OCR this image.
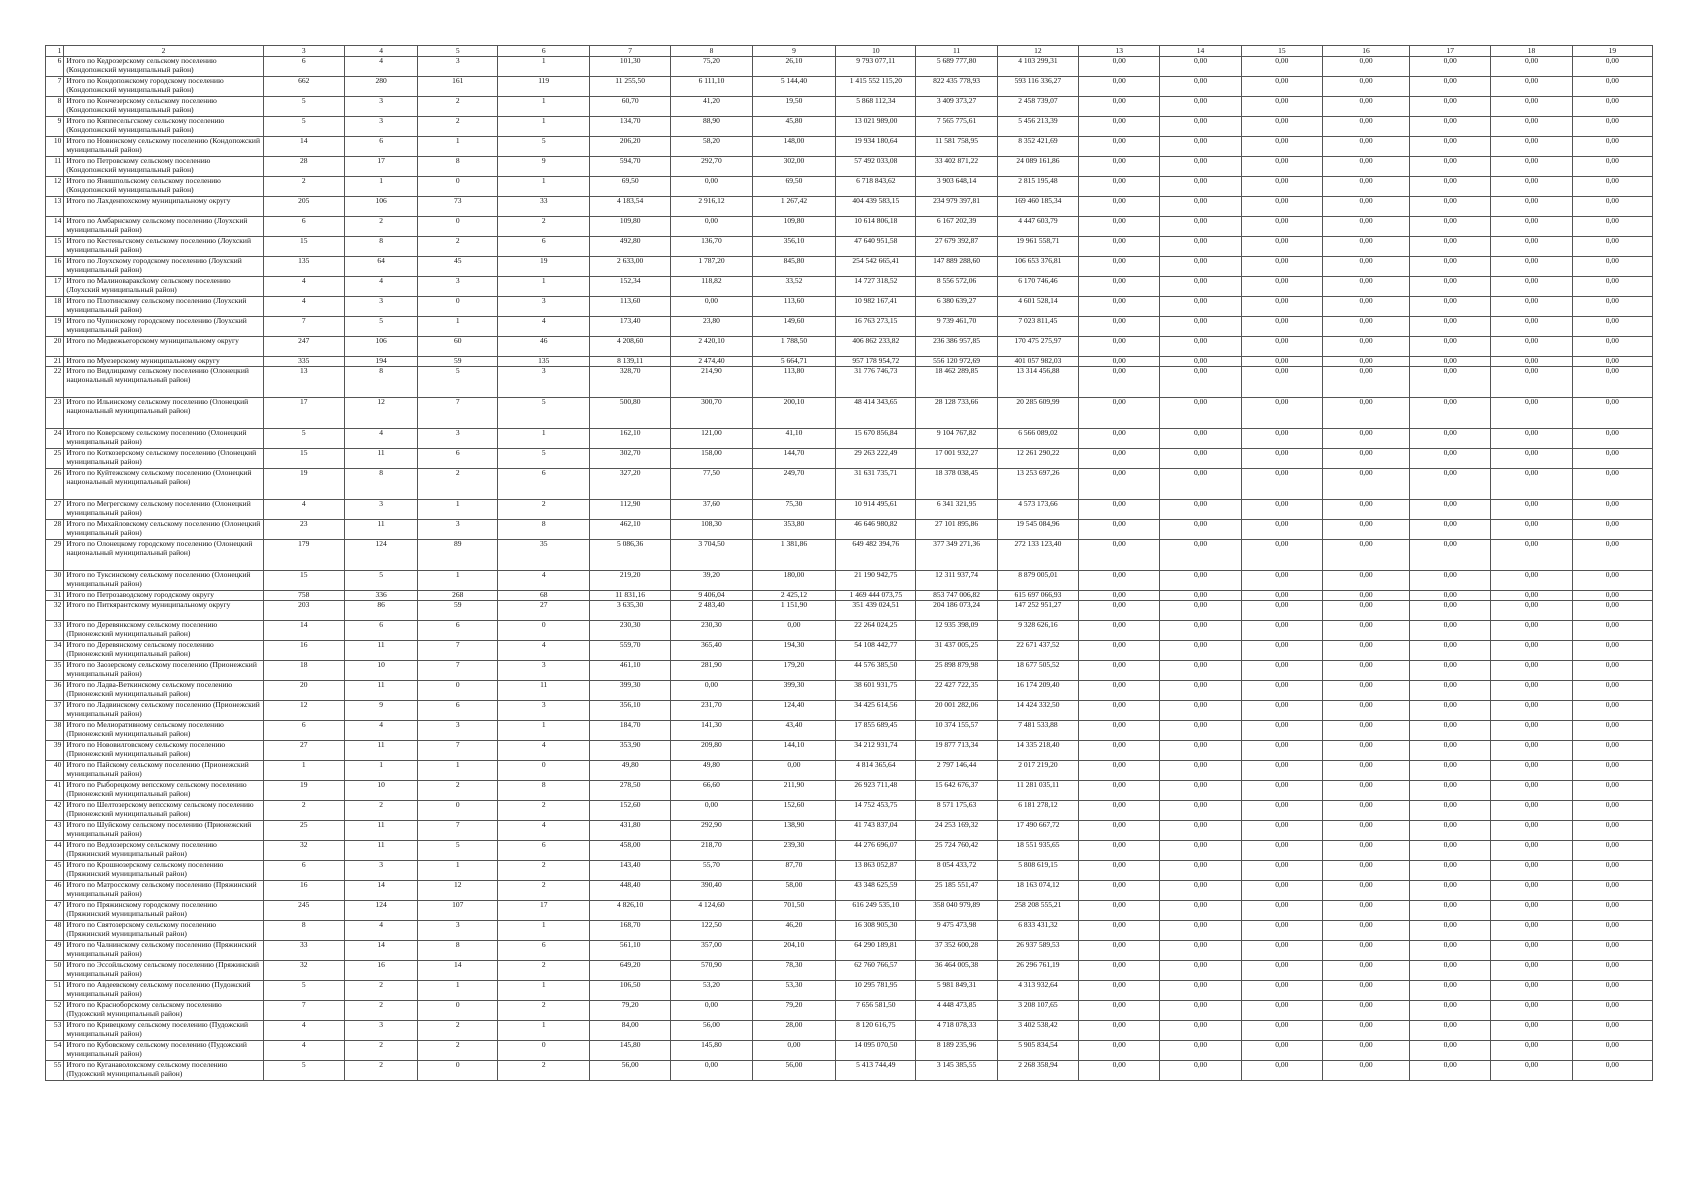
1	2	3	4	5	6	7	8	9	10	11	12	13	14	15	16	17	18	19
6	Итого по Кедрозерскому сельскому поселению (Кондопожский муниципальный район)	6	4	3	1	101,30	75,20	26,10	9 793 077,11	5 689 777,80	4 103 299,31	0,00	0,00	0,00	0,00	0,00	0,00	0,00
7	Итого по Кондопожскому городскому поселению (Кондопожский муниципальный район)	662	280	161	119	11 255,50	6 111,10	5 144,40	1 415 552 115,20	822 435 778,93	593 116 336,27	0,00	0,00	0,00	0,00	0,00	0,00	0,00
8	Итого по Кончезерскому сельскому поселению (Кондопожский муниципальный район)	5	3	2	1	60,70	41,20	19,50	5 868 112,34	3 409 373,27	2 458 739,07	0,00	0,00	0,00	0,00	0,00	0,00	0,00
9	Итого по Кяппесельгскому сельскому поселению (Кондопожский муниципальный район)	5	3	2	1	134,70	88,90	45,80	13 021 989,00	7 565 775,61	5 456 213,39	0,00	0,00	0,00	0,00	0,00	0,00	0,00
10	Итого по Новинскому сельскому поселению (Кондопожский муниципальный район)	14	6	1	5	206,20	58,20	148,00	19 934 180,64	11 581 758,95	8 352 421,69	0,00	0,00	0,00	0,00	0,00	0,00	0,00
11	Итого по Петровскому сельскому поселению (Кондопожский муниципальный район)	28	17	8	9	594,70	292,70	302,00	57 492 033,08	33 402 871,22	24 089 161,86	0,00	0,00	0,00	0,00	0,00	0,00	0,00
12	Итого по Янишпольскому сельскому поселению (Кондопожский муниципальный район)	2	1	0	1	69,50	0,00	69,50	6 718 843,62	3 903 648,14	2 815 195,48	0,00	0,00	0,00	0,00	0,00	0,00	0,00
13	Итого по Лахденпохскому муниципальному округу	205	106	73	33	4 183,54	2 916,12	1 267,42	404 439 583,15	234 979 397,81	169 460 185,34	0,00	0,00	0,00	0,00	0,00	0,00	0,00
14	Итого по Амбарнскому сельскому поселению (Лоухский муниципальный район)	6	2	0	2	109,80	0,00	109,80	10 614 806,18	6 167 202,39	4 447 603,79	0,00	0,00	0,00	0,00	0,00	0,00	0,00
15	Итого по Кестеньгскому сельскому поселению (Лоухский муниципальный район)	15	8	2	6	492,80	136,70	356,10	47 640 951,58	27 679 392,87	19 961 558,71	0,00	0,00	0,00	0,00	0,00	0,00	0,00
16	Итого по Лоухскому городскому поселению (Лоухский муниципальный район)	135	64	45	19	2 633,00	1 787,20	845,80	254 542 665,41	147 889 288,60	106 653 376,81	0,00	0,00	0,00	0,00	0,00	0,00	0,00
17	Итого по Малиновараксkому сельскому поселению (Лоухский муниципальный район)	4	4	3	1	152,34	118,82	33,52	14 727 318,52	8 556 572,06	6 170 746,46	0,00	0,00	0,00	0,00	0,00	0,00	0,00
18	Итого по Плотинскому сельскому поселению (Лоухский муниципальный район)	4	3	0	3	113,60	0,00	113,60	10 982 167,41	6 380 639,27	4 601 528,14	0,00	0,00	0,00	0,00	0,00	0,00	0,00
19	Итого по Чупинскому городскому поселению (Лоухский муниципальный район)	7	5	1	4	173,40	23,80	149,60	16 763 273,15	9 739 461,70	7 023 811,45	0,00	0,00	0,00	0,00	0,00	0,00	0,00
20	Итого по Медвежьегорскому муниципальному округу	247	106	60	46	4 208,60	2 420,10	1 788,50	406 862 233,82	236 386 957,85	170 475 275,97	0,00	0,00	0,00	0,00	0,00	0,00	0,00
21	Итого по Муезерскому муниципальному округу	335	194	59	135	8 139,11	2 474,40	5 664,71	957 178 954,72	556 120 972,69	401 057 982,03	0,00	0,00	0,00	0,00	0,00	0,00	0,00
22	Итого по Видлицкому сельскому поселению (Олонецкий национальный муниципальный район)	13	8	5	3	328,70	214,90	113,80	31 776 746,73	18 462 289,85	13 314 456,88	0,00	0,00	0,00	0,00	0,00	0,00	0,00
23	Итого по Ильинскому сельскому поселению (Олонецкий национальный муниципальный район)	17	12	7	5	500,80	300,70	200,10	48 414 343,65	28 128 733,66	20 285 609,99	0,00	0,00	0,00	0,00	0,00	0,00	0,00
24	Итого по Коверскому сельскому поселению (Олонецкий муниципальный район)	5	4	3	1	162,10	121,00	41,10	15 670 856,84	9 104 767,82	6 566 089,02	0,00	0,00	0,00	0,00	0,00	0,00	0,00
25	Итого по Коткозерскому сельскому поселению (Олонецкий муниципальный район)	15	11	6	5	302,70	158,00	144,70	29 263 222,49	17 001 932,27	12 261 290,22	0,00	0,00	0,00	0,00	0,00	0,00	0,00
26	Итого по Куйтежскому сельскому поселению (Олонецкий национальный муниципальный район)	19	8	2	6	327,20	77,50	249,70	31 631 735,71	18 378 038,45	13 253 697,26	0,00	0,00	0,00	0,00	0,00	0,00	0,00
27	Итого по Мегрегскому сельскому поселению (Олонецкий муниципальный район)	4	3	1	2	112,90	37,60	75,30	10 914 495,61	6 341 321,95	4 573 173,66	0,00	0,00	0,00	0,00	0,00	0,00	0,00
28	Итого по Михайловскому сельскому поселению (Олонецкий муниципальный район)	23	11	3	8	462,10	108,30	353,80	46 646 980,82	27 101 895,86	19 545 084,96	0,00	0,00	0,00	0,00	0,00	0,00	0,00
29	Итого по Олонецкому городскому поселению (Олонецкий национальный муниципальный район)	179	124	89	35	5 086,36	3 704,50	1 381,86	649 482 394,76	377 349 271,36	272 133 123,40	0,00	0,00	0,00	0,00	0,00	0,00	0,00
30	Итого по Туксинскому сельскому поселению (Олонецкий муниципальный район)	15	5	1	4	219,20	39,20	180,00	21 190 942,75	12 311 937,74	8 879 005,01	0,00	0,00	0,00	0,00	0,00	0,00	0,00
31	Итого по Петрозаводскому городскому округу	758	336	268	68	11 831,16	9 406,04	2 425,12	1 469 444 073,75	853 747 006,82	615 697 066,93	0,00	0,00	0,00	0,00	0,00	0,00	0,00
32	Итого по Питкярантскому муниципальному округу	203	86	59	27	3 635,30	2 483,40	1 151,90	351 439 024,51	204 186 073,24	147 252 951,27	0,00	0,00	0,00	0,00	0,00	0,00	0,00
33	Итого по Деревянкскому сельскому поселению (Прионежский муниципальный район)	14	6	6	0	230,30	230,30	0,00	22 264 024,25	12 935 398,09	9 328 626,16	0,00	0,00	0,00	0,00	0,00	0,00	0,00
34	Итого по Деревянскому сельскому поселению (Прионежский муниципальный район)	16	11	7	4	559,70	365,40	194,30	54 108 442,77	31 437 005,25	22 671 437,52	0,00	0,00	0,00	0,00	0,00	0,00	0,00
35	Итого по Заозерскому сельскому поселению (Прионежский муниципальный район)	18	10	7	3	461,10	281,90	179,20	44 576 385,50	25 898 879,98	18 677 505,52	0,00	0,00	0,00	0,00	0,00	0,00	0,00
36	Итого по Ладва-Веткинскому сельскому поселению (Прионежский муниципальный район)	20	11	0	11	399,30	0,00	399,30	38 601 931,75	22 427 722,35	16 174 209,40	0,00	0,00	0,00	0,00	0,00	0,00	0,00
37	Итого по Ладвинскому сельскому поселению (Прионежский муниципальный район)	12	9	6	3	356,10	231,70	124,40	34 425 614,56	20 001 282,06	14 424 332,50	0,00	0,00	0,00	0,00	0,00	0,00	0,00
38	Итого по Мелиоративному сельскому поселению (Прионежский муниципальный район)	6	4	3	1	184,70	141,30	43,40	17 855 689,45	10 374 155,57	7 481 533,88	0,00	0,00	0,00	0,00	0,00	0,00	0,00
39	Итого по Нововилговскому сельскому поселению (Прионежский муниципальный район)	27	11	7	4	353,90	209,80	144,10	34 212 931,74	19 877 713,34	14 335 218,40	0,00	0,00	0,00	0,00	0,00	0,00	0,00
40	Итого по Пайскому сельскому поселению (Прионежский муниципальный район)	1	1	1	0	49,80	49,80	0,00	4 814 365,64	2 797 146,44	2 017 219,20	0,00	0,00	0,00	0,00	0,00	0,00	0,00
41	Итого по Рыборецкому вепсскому сельскому поселению (Прионежский муниципальный район)	19	10	2	8	278,50	66,60	211,90	26 923 711,48	15 642 676,37	11 281 035,11	0,00	0,00	0,00	0,00	0,00	0,00	0,00
42	Итого по Шелтозерскому вепсскому сельскому поселению (Прионежский муниципальный район)	2	2	0	2	152,60	0,00	152,60	14 752 453,75	8 571 175,63	6 181 278,12	0,00	0,00	0,00	0,00	0,00	0,00	0,00
43	Итого по Шуйскому сельскому поселению (Прионежский муниципальный район)	25	11	7	4	431,80	292,90	138,90	41 743 837,04	24 253 169,32	17 490 667,72	0,00	0,00	0,00	0,00	0,00	0,00	0,00
44	Итого по Ведлозерскому сельскому поселению (Пряжинский муниципальный район)	32	11	5	6	458,00	218,70	239,30	44 276 696,07	25 724 760,42	18 551 935,65	0,00	0,00	0,00	0,00	0,00	0,00	0,00
45	Итого по Крошнозерскому сельскому поселению (Пряжинский муниципальный район)	6	3	1	2	143,40	55,70	87,70	13 863 052,87	8 054 433,72	5 808 619,15	0,00	0,00	0,00	0,00	0,00	0,00	0,00
46	Итого по Матросскому сельскому поселению (Пряжинский муниципальный район)	16	14	12	2	448,40	390,40	58,00	43 348 625,59	25 185 551,47	18 163 074,12	0,00	0,00	0,00	0,00	0,00	0,00	0,00
47	Итого по Пряжинскому городскому поселению (Пряжинский муниципальный район)	245	124	107	17	4 826,10	4 124,60	701,50	616 249 535,10	358 040 979,89	258 208 555,21	0,00	0,00	0,00	0,00	0,00	0,00	0,00
48	Итого по Святозерскому сельскому поселению (Пряжинский муниципальный район)	8	4	3	1	168,70	122,50	46,20	16 308 905,30	9 475 473,98	6 833 431,32	0,00	0,00	0,00	0,00	0,00	0,00	0,00
49	Итого по Чалнинскому сельскому поселению (Пряжинский муниципальный район)	33	14	8	6	561,10	357,00	204,10	64 290 189,81	37 352 600,28	26 937 589,53	0,00	0,00	0,00	0,00	0,00	0,00	0,00
50	Итого по Эссойльскому сельскому поселению (Пряжинский муниципальный район)	32	16	14	2	649,20	570,90	78,30	62 760 766,57	36 464 005,38	26 296 761,19	0,00	0,00	0,00	0,00	0,00	0,00	0,00
51	Итого по Авдеевскому сельскому поселению (Пудожский муниципальный район)	5	2	1	1	106,50	53,20	53,30	10 295 781,95	5 981 849,31	4 313 932,64	0,00	0,00	0,00	0,00	0,00	0,00	0,00
52	Итого по Красноборскому сельскому поселению (Пудожский муниципальный район)	7	2	0	2	79,20	0,00	79,20	7 656 581,50	4 448 473,85	3 208 107,65	0,00	0,00	0,00	0,00	0,00	0,00	0,00
53	Итого по Кривецкому сельскому поселению (Пудожский муниципальный район)	4	3	2	1	84,00	56,00	28,00	8 120 616,75	4 718 078,33	3 402 538,42	0,00	0,00	0,00	0,00	0,00	0,00	0,00
54	Итого по Кубовскому сельскому поселению (Пудожский муниципальный район)	4	2	2	0	145,80	145,80	0,00	14 095 070,50	8 189 235,96	5 905 834,54	0,00	0,00	0,00	0,00	0,00	0,00	0,00
55	Итого по Куганаволокскому сельскому поселению (Пудожский муниципальный район)	5	2	0	2	56,00	0,00	56,00	5 413 744,49	3 145 385,55	2 268 358,94	0,00	0,00	0,00	0,00	0,00	0,00	0,00
